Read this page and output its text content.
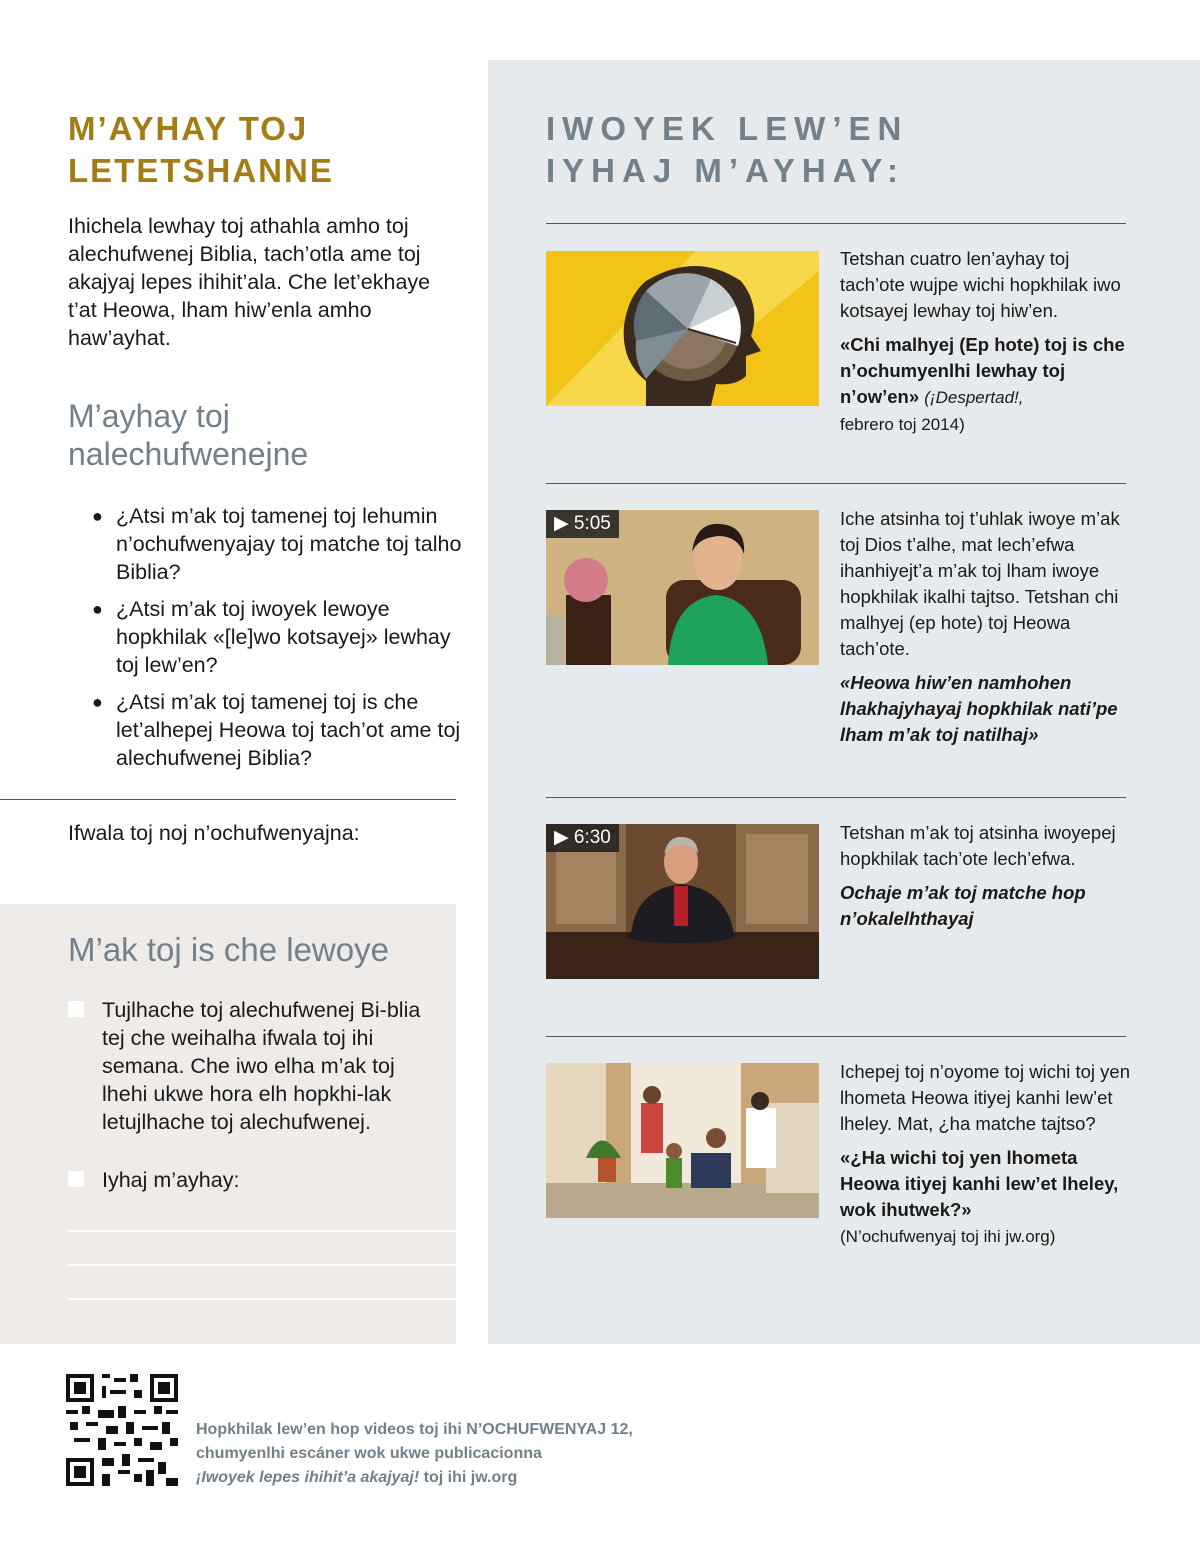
M’AYHAY TOJ
LETETSHANNE

Ihichela lewhay toj athahla amho toj alechufwenej Biblia, tach’otla ame toj akajyaj lepes ihihit’ala. Che let’ekhaye t’at Heowa, lham hiw’enla amho haw’ayhat.

M’ayhay toj
nalechufwenejne
● ¿Atsi m’ak toj tamenej toj lehumin n’ochufwenyajay toj matche toj talho Biblia?
● ¿Atsi m’ak toj iwoyek lewoye hopkhilak «[le]wo kotsayej» lewhay toj lew’en?
● ¿Atsi m’ak toj tamenej toj is che let’alhepej Heowa toj tach’ot ame toj alechufwenej Biblia?

Ifwala toj noj n’ochufwenyajna:

M’ak toj is che lewoye
Tujlhache toj alechufwenej Bi-blia tej che weihalha ifwala toj ihi semana. Che iwo elha m’ak toj lhehi ukwe hora elh hopkhi-lak letujlhache toj alechufwenej.
Iyhaj m’ayhay:
IWOYEK LEW’EN
IYHAJ M’AYHAY:
Tetshan cuatro len’ayhay toj tach’ote wujpe wichi hopkhilak iwo kotsayej lewhay toj hiw’en.
«Chi malhyej (Ep hote) toj is che n’ochumyenlhi lewhay toj n’ow’en» (¡Despertad!,
febrero toj 2014)
▶ 5:05	Iche atsinha toj t’uhlak iwoye m’ak toj Dios t’alhe, mat lech’efwa ihanhiyejt’a m’ak toj lham iwoye hopkhilak ikalhi tajtso. Tetshan chi malhyej (ep hote) toj Heowa tach’ote.
«Heowa hiw’en namhohen lhakhajyhayaj hopkhilak nati’pe lham m’ak toj natilhaj»
▶ 6:30	Tetshan m’ak toj atsinha iwoyepej hopkhilak tach’ote lech’efwa.
Ochaje m’ak toj matche hop n’okalelhthayaj
Ichepej toj n’oyome toj wichi toj yen lhometa Heowa itiyej kanhi lew’et lheley. Mat, ¿ha matche tajtso?
«¿Ha wichi toj yen lhometa Heowa itiyej kanhi lew’et lheley, wok ihutwek?»
(N’ochufwenyaj toj ihi jw.org)

Hopkhilak lew’en hop videos toj ihi N’OCHUFWENYAJ 12,
chumyenlhi escáner wok ukwe publicacionna
¡Iwoyek lepes ihihit’a akajyaj! toj ihi jw.org
